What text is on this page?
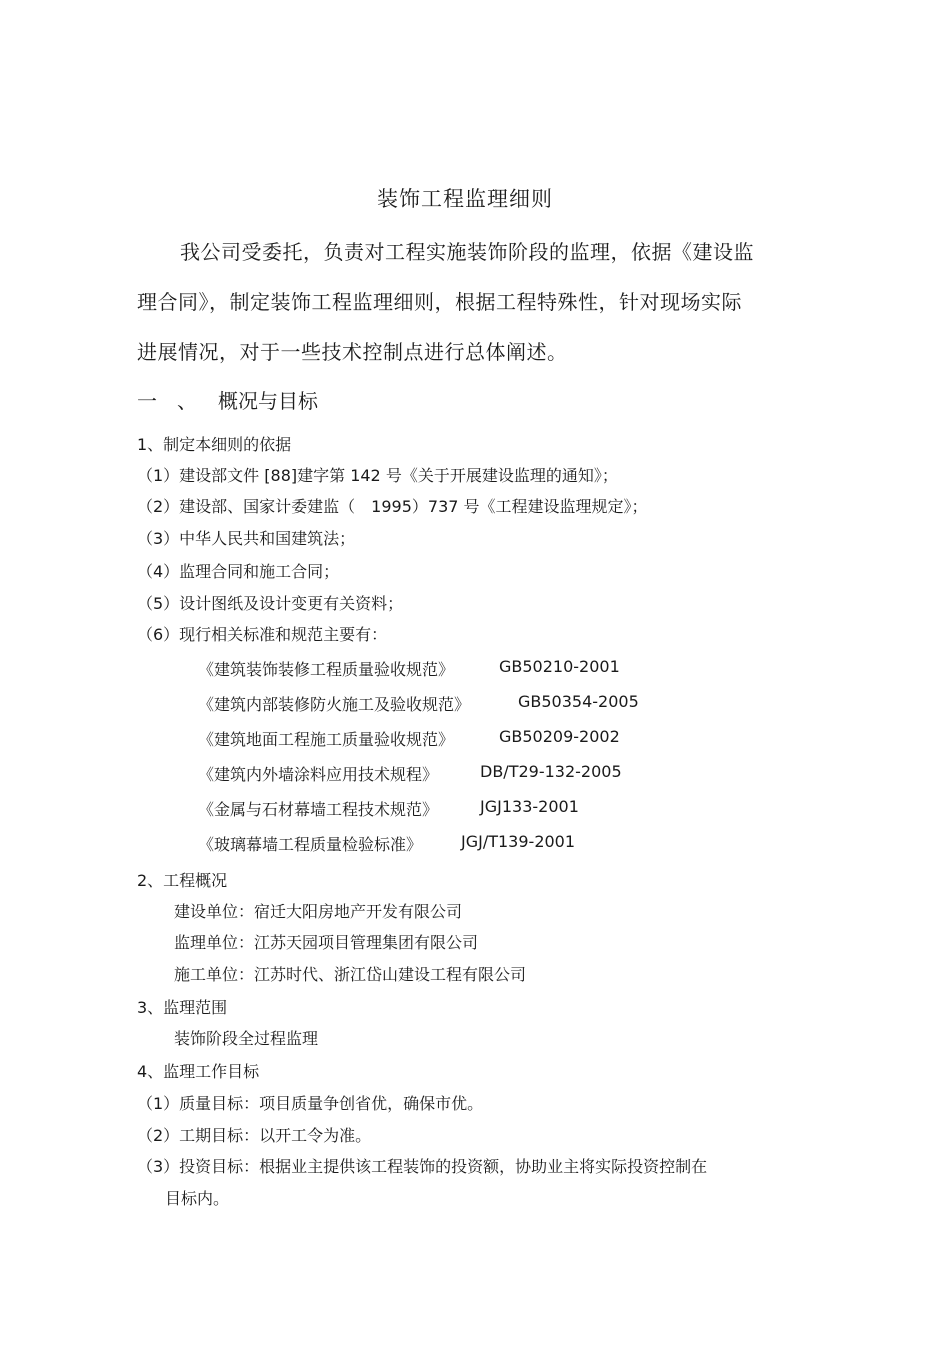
装饰工程监理细则
我公司受委托，负责对工程实施装饰阶段的监理，依据《建设监
理合同》，制定装饰工程监理细则，根据工程特殊性，针对现场实际
进展情况，对于一些技术控制点进行总体阐述。
一　、 概况与目标
1、制定本细则的依据
（1）建设部文件 [88]建字第 142 号《关于开展建设监理的通知》；
（2）建设部、国家计委建监（　1995）737 号《工程建设监理规定》；
（3）中华人民共和国建筑法；
（4）监理合同和施工合同；
（5）设计图纸及设计变更有关资料；
（6）现行相关标准和规范主要有：
《建筑装饰装修工程质量验收规范》	GB50210-2001
《建筑内部装修防火施工及验收规范》	GB50354-2005
《建筑地面工程施工质量验收规范》	GB50209-2002
《建筑内外墙涂料应用技术规程》	DB/T29-132-2005
《金属与石材幕墙工程技术规范》	JGJ133-2001
《玻璃幕墙工程质量检验标准》 JGJ/T139-2001
2、工程概况
建设单位：宿迁大阳房地产开发有限公司
监理单位：江苏天园项目管理集团有限公司
施工单位：江苏时代、浙江岱山建设工程有限公司
3、监理范围
装饰阶段全过程监理
4、监理工作目标
（1）质量目标：项目质量争创省优，确保市优。
（2）工期目标：以开工令为准。
（3）投资目标：根据业主提供该工程装饰的投资额，协助业主将实际投资控制在
目标内。
